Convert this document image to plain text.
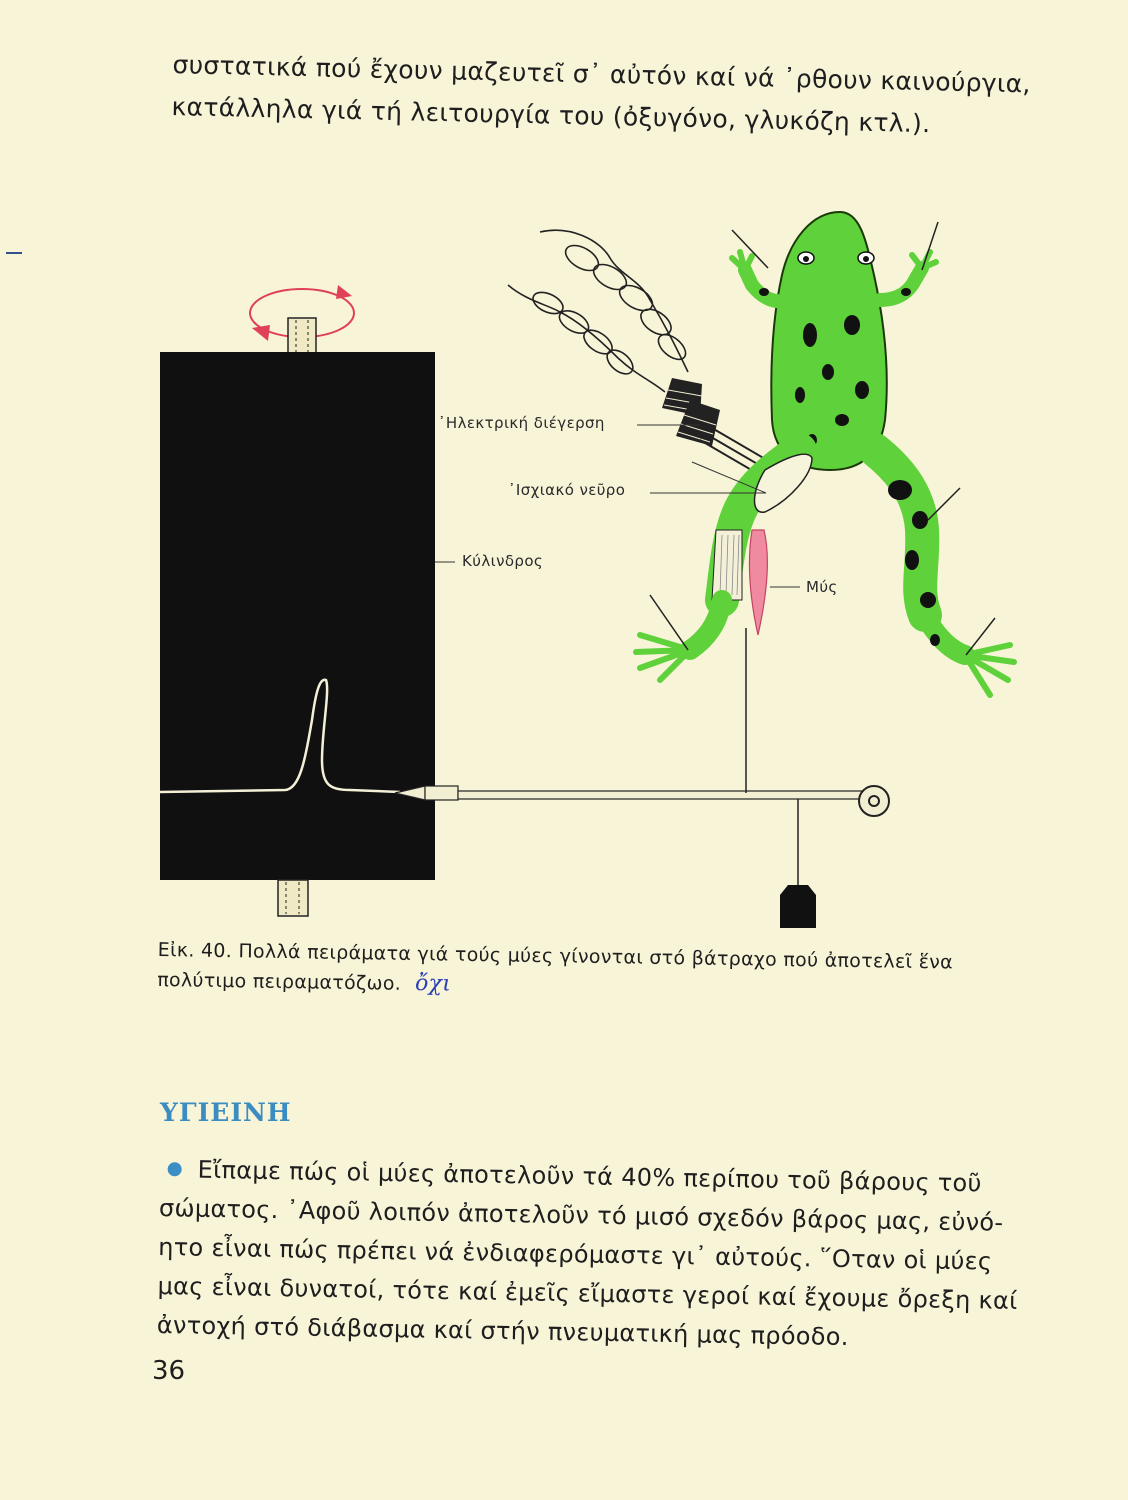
συστατικά πού ἔχουν μαζευτεῖ σ᾽ αὐτόν καί νά ᾽ρθουν καινούργια,

κατάλληλα γιά τή λειτουργία του (ὀξυγόνο, γλυκόζη κτλ.).

᾽Ηλεκτρική διέγερση
᾽Ισχιακό νεῦρο
Κύλινδρος
Μύς

Εἰκ. 40. Πολλά πειράματα γιά τούς μύες γίνονται στό βάτραχο πού ἀποτελεῖ ἕνα

πολύτιμο πειραματόζωο. ὄχι

ΥΓΙΕΙΝΗ

Εἴπαμε πώς οἱ μύες ἀποτελοῦν τά 40% περίπου τοῦ βάρους τοῦ

σώματος. ᾽Αφοῦ λοιπόν ἀποτελοῦν τό μισό σχεδόν βάρος μας, εὐνό-

ητο εἶναι πώς πρέπει νά ἐνδιαφερόμαστε γι᾽ αὐτούς. ῞Οταν οἱ μύες

μας εἶναι δυνατοί, τότε καί ἐμεῖς εἴμαστε γεροί καί ἔχουμε ὄρεξη καί

ἀντοχή στό διάβασμα καί στήν πνευματική μας πρόοδο.

36
